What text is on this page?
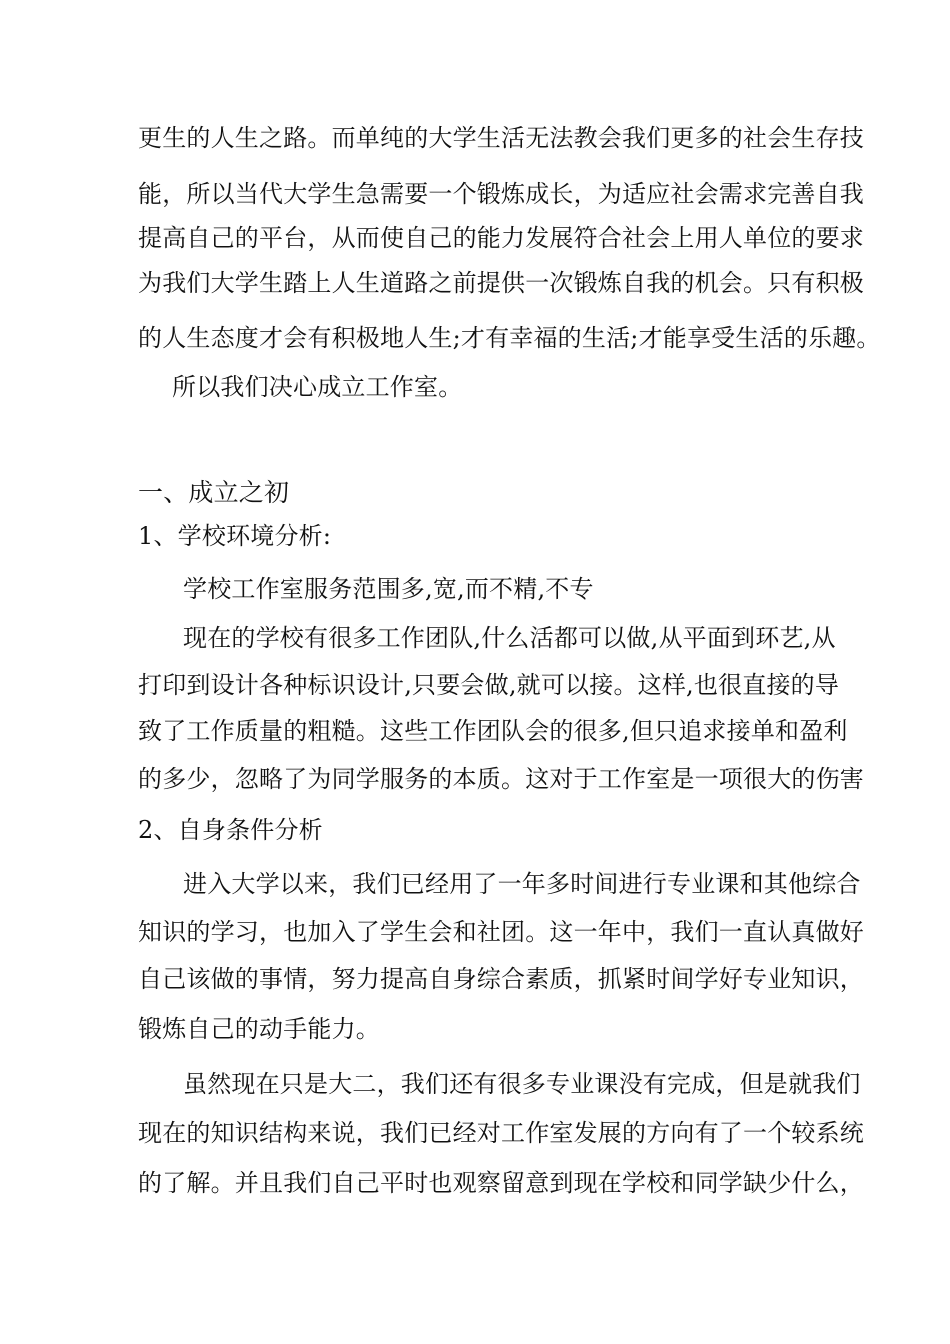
更生的人生之路。而单纯的大学生活无法教会我们更多的社会生存技
能，所以当代大学生急需要一个锻炼成长，为适应社会需求完善自我
提高自己的平台，从而使自己的能力发展符合社会上用人单位的要求
为我们大学生踏上人生道路之前提供一次锻炼自我的机会。只有积极
的人生态度才会有积极地人生;才有幸福的生活;才能享受生活的乐趣。
所以我们决心成立工作室。
一、成立之初
1、学校环境分析:
学校工作室服务范围多,宽,而不精,不专
现在的学校有很多工作团队,什么活都可以做,从平面到环艺,从
打印到设计各种标识设计,只要会做,就可以接。这样,也很直接的导
致了工作质量的粗糙。这些工作团队会的很多,但只追求接单和盈利
的多少，忽略了为同学服务的本质。这对于工作室是一项很大的伤害
2、自身条件分析
进入大学以来，我们已经用了一年多时间进行专业课和其他综合
知识的学习，也加入了学生会和社团。这一年中，我们一直认真做好
自己该做的事情，努力提高自身综合素质，抓紧时间学好专业知识，
锻炼自己的动手能力。
虽然现在只是大二，我们还有很多专业课没有完成，但是就我们
现在的知识结构来说，我们已经对工作室发展的方向有了一个较系统
的了解。并且我们自己平时也观察留意到现在学校和同学缺少什么，
